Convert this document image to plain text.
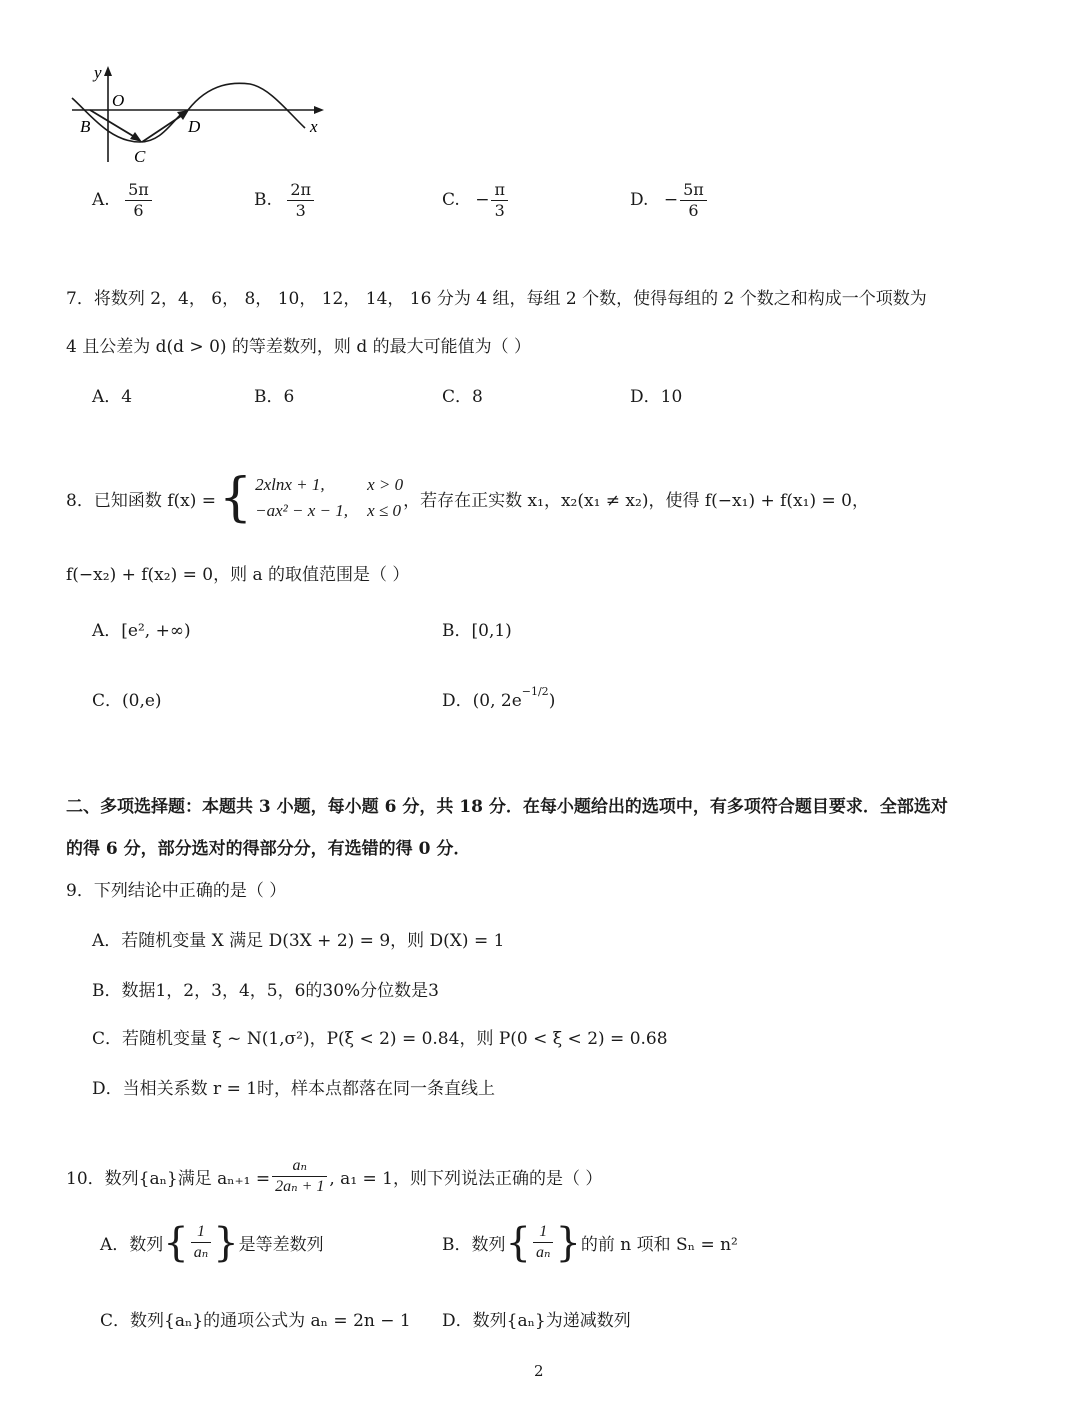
y
O
B
C
D	x
A. $\frac{5\pi}{6}$	B. $\frac{2\pi}{3}$	C. − $\frac{\pi}{3}$	D. − $\frac{5\pi}{6}$
7．将数列 2，4， 6， 8， 10， 12， 14， 16 分为 4 组，每组 2 个数，使得每组的 2 个数之和构成一个项数为
4 且公差为 d(d > 0) 的等差数列，则 d 的最大可能值为（ ）
A．4	B．6	C．8	D．10
8．已知函数 f(x) = { 2xlnx + 1, x > 0
−ax² − x − 1, x ≤ 0 ，若存在正实数 x₁，x₂(x₁ ≠ x₂)，使得 f(−x₁) + f(x₁) = 0，
f(−x₂) + f(x₂) = 0，则 a 的取值范围是（ ）
A．[e², +∞)	B．[0,1)
C．(0,e)	D．(0, $2e^{-1/2}$)
二、多项选择题：本题共 3 小题，每小题 6 分，共 18 分．在每小题给出的选项中，有多项符合题目要求．全部选对
的得 6 分，部分选对的得部分分，有选错的得 0 分．
9．下列结论中正确的是（ ）
A．若随机变量 X 满足 D(3X + 2) = 9，则 D(X) = 1
B．数据1，2，3，4，5，6的30%分位数是3
C．若随机变量 ξ ~ N(1,σ²)，P(ξ < 2) = 0.84，则 P(0 < ξ < 2) = 0.68
D．当相关系数 r = 1时，样本点都落在同一条直线上
10．数列{aₙ}满足 $a_{n+1} = \frac{\text{aₙ}}{\text{2aₙ + 1}}$ , a₁ = 1，则下列说法正确的是（ ）
A．数列 { $\frac{1}{\text{aₙ}}$ } 是等差数列	B．数列 { $\frac{1}{\text{aₙ}}$ } 的前 n 项和 Sₙ = n²
C．数列{aₙ}的通项公式为 aₙ = 2n − 1 D．数列{aₙ}为递减数列
2
